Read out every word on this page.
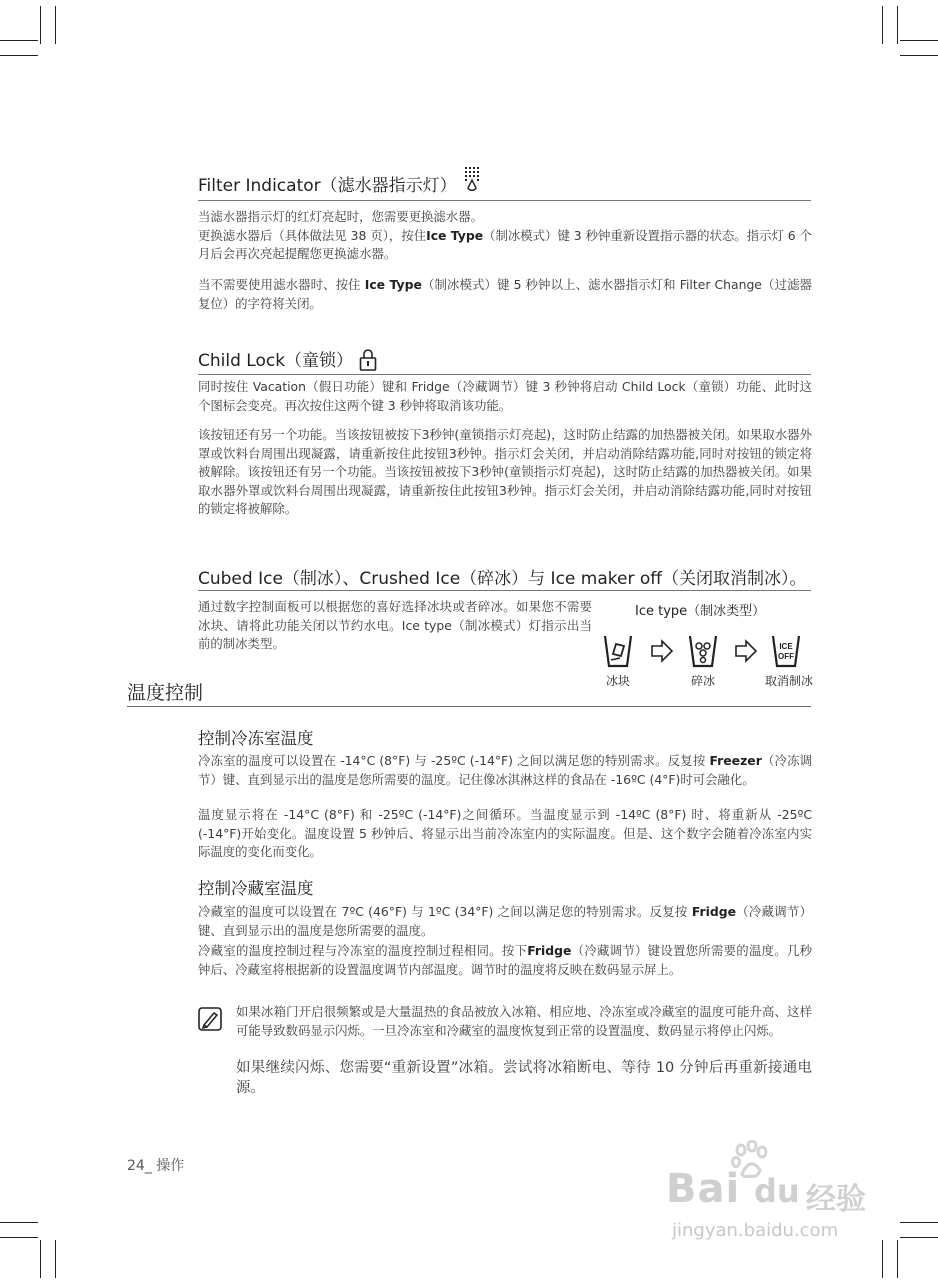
Filter Indicator（滤水器指示灯）

当滤水器指示灯的红灯亮起时，您需要更换滤水器。
更换滤水器后（具体做法见 38 页），按住Ice Type（制冰模式）键 3 秒钟重新设置指示器的状态。指示灯 6 个月后会再次亮起提醒您更换滤水器。

当不需要使用滤水器时、按住 Ice Type（制冰模式）键 5 秒钟以上、滤水器指示灯和 Filter Change（过滤器复位）的字符将关闭。

Child Lock（童锁）

同时按住 Vacation（假日功能）键和 Fridge（冷藏调节）键 3 秒钟将启动 Child Lock（童锁）功能、此时这个图标会变亮。再次按住这两个键 3 秒钟将取消该功能。

该按钮还有另一个功能。当该按钮被按下3秒钟(童锁指示灯亮起)，这时防止结露的加热器被关闭。如果取水器外罩或饮料台周围出现凝露，请重新按住此按钮3秒钟。指示灯会关闭，并启动消除结露功能,同时对按钮的锁定将被解除。该按钮还有另一个功能。当该按钮被按下3秒钟(童锁指示灯亮起)，这时防止结露的加热器被关闭。如果取水器外罩或饮料台周围出现凝露，请重新按住此按钮3秒钟。指示灯会关闭，并启动消除结露功能,同时对按钮的锁定将被解除。

Cubed Ice（制冰）、Crushed Ice（碎冰）与 Ice maker off（关闭取消制冰）。

通过数字控制面板可以根据您的喜好选择冰块或者碎冰。如果您不需要冰块、请将此功能关闭以节约水电。Ice type（制冰模式）灯指示出当前的制冰类型。

Ice type（制冰类型）
ICE
OFF
冰块	碎冰	取消制冰
温度控制
控制冷冻室温度

冷冻室的温度可以设置在 -14°C (8°F) 与 -25ºC (-14°F) 之间以满足您的特别需求。反复按 Freezer（冷冻调节）键、直到显示出的温度是您所需要的温度。记住像冰淇淋这样的食品在 -16ºC (4°F)时可会融化。

温度显示将在 -14°C (8°F) 和 -25ºC (-14°F)之间循环。当温度显示到 -14ºC (8°F) 时、将重新从 -25ºC (-14°F)开始变化。温度设置 5 秒钟后、将显示出当前冷冻室内的实际温度。但是、这个数字会随着冷冻室内实际温度的变化而变化。

控制冷藏室温度

冷藏室的温度可以设置在 7ºC (46°F) 与 1ºC (34°F) 之间以满足您的特别需求。反复按 Fridge（冷藏调节）键、直到显示出的温度是您所需要的温度。

冷藏室的温度控制过程与冷冻室的温度控制过程相同。按下Fridge（冷藏调节）键设置您所需要的温度。几秒钟后、冷藏室将根据新的设置温度调节内部温度。调节时的温度将反映在数码显示屏上。

如果冰箱门开启很频繁或是大量温热的食品被放入冰箱、相应地、冷冻室或冷藏室的温度可能升高、这样可能导致数码显示闪烁。一旦冷冻室和冷藏室的温度恢复到正常的设置温度、数码显示将停止闪烁。

如果继续闪烁、您需要“重新设置”冰箱。尝试将冰箱断电、等待 10 分钟后再重新接通电源。

24_ 操作	Bai du 经验
jingyan.baidu.com
